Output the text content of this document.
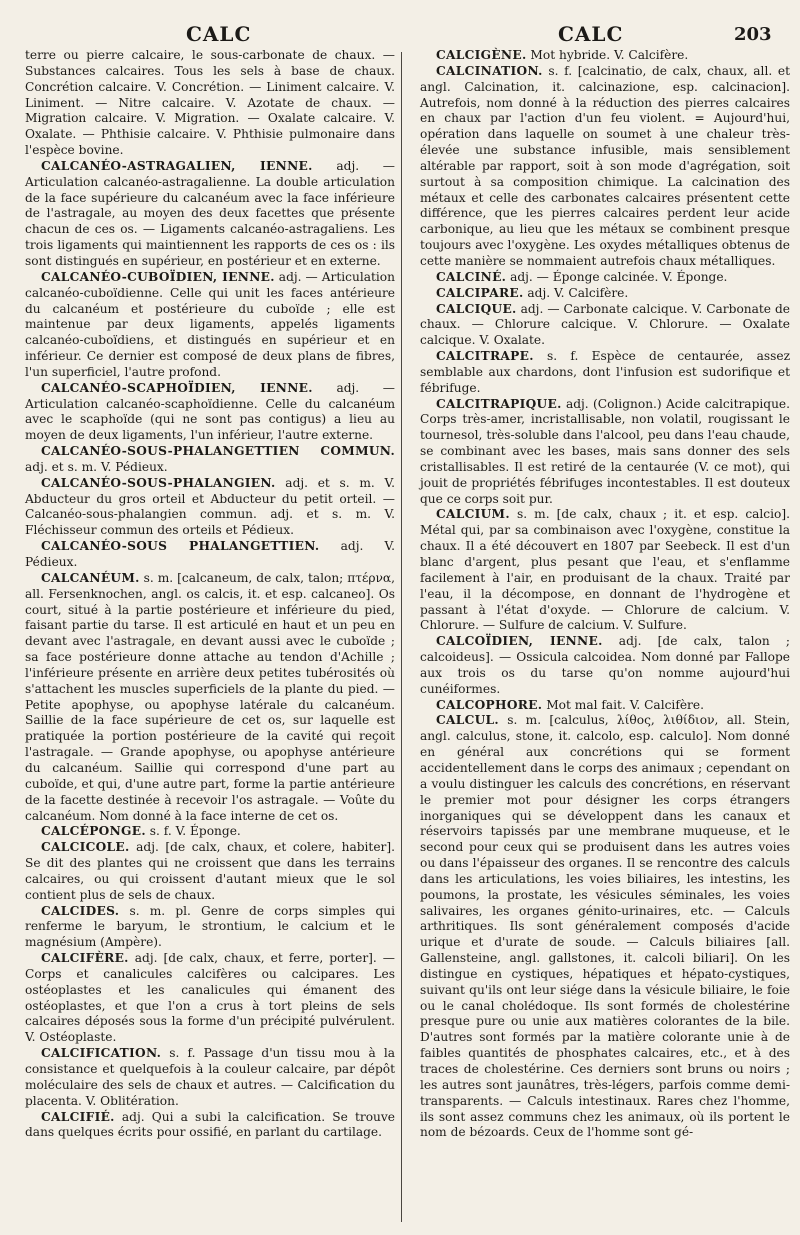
CALC	CALC	203

terre ou pierre calcaire, le sous-carbonate de chaux. — Substances calcaires. Tous les sels à base de chaux. Concrétion calcaire. V. Concrétion. — Liniment calcaire. V. Liniment. — Nitre calcaire. V. Azotate de chaux. — Migration calcaire. V. Migration. — Oxalate calcaire. V. Oxalate. — Phthisie calcaire. V. Phthisie pulmonaire dans l'espèce bovine.

CALCANÉO-ASTRAGALIEN, IENNE. adj. — Articulation calcanéo-astragalienne. La double articulation de la face supérieure du calcanéum avec la face inférieure de l'astragale, au moyen des deux facettes que présente chacun de ces os. — Ligaments calcanéo-astragaliens. Les trois ligaments qui maintiennent les rapports de ces os : ils sont distingués en supérieur, en postérieur et en externe.

CALCANÉO-CUBOÏDIEN, IENNE. adj. — Articulation calcanéo-cuboïdienne. Celle qui unit les faces antérieure du calcanéum et postérieure du cuboïde ; elle est maintenue par deux ligaments, appelés ligaments calcanéo-cuboïdiens, et distingués en supérieur et en inférieur. Ce dernier est composé de deux plans de fibres, l'un superficiel, l'autre profond.

CALCANÉO-SCAPHOÏDIEN, IENNE. adj. — Articulation calcanéo-scaphoïdienne. Celle du calcanéum avec le scaphoïde (qui ne sont pas contigus) a lieu au moyen de deux ligaments, l'un inférieur, l'autre externe.

CALCANÉO-SOUS-PHALANGETTIEN COMMUN. adj. et s. m. V. Pédieux.

CALCANÉO-SOUS-PHALANGIEN. adj. et s. m. V. Abducteur du gros orteil et Abducteur du petit orteil. — Calcanéo-sous-phalangien commun. adj. et s. m. V. Fléchisseur commun des orteils et Pédieux.

CALCANÉO-SOUS PHALANGETTIEN. adj. V. Pédieux.

CALCANÉUM. s. m. [calcaneum, de calx, talon; πτέρνα, all. Fersenknochen, angl. os calcis, it. et esp. calcaneo]. Os court, situé à la partie postérieure et inférieure du pied, faisant partie du tarse. Il est articulé en haut et un peu en devant avec l'astragale, en devant aussi avec le cuboïde ; sa face postérieure donne attache au tendon d'Achille ; l'inférieure présente en arrière deux petites tubérosités où s'attachent les muscles superficiels de la plante du pied. — Petite apophyse, ou apophyse latérale du calcanéum. Saillie de la face supérieure de cet os, sur laquelle est pratiquée la portion postérieure de la cavité qui reçoit l'astragale. — Grande apophyse, ou apophyse antérieure du calcanéum. Saillie qui correspond d'une part au cuboïde, et qui, d'une autre part, forme la partie antérieure de la facette destinée à recevoir l'os astragale. — Voûte du calcanéum. Nom donné à la face interne de cet os.

CALCÉPONGE. s. f. V. Éponge.

CALCICOLE. adj. [de calx, chaux, et colere, habiter]. Se dit des plantes qui ne croissent que dans les terrains calcaires, ou qui croissent d'autant mieux que le sol contient plus de sels de chaux.

CALCIDES. s. m. pl. Genre de corps simples qui renferme le baryum, le strontium, le calcium et le magnésium (Ampère).

CALCIFÈRE. adj. [de calx, chaux, et ferre, porter]. — Corps et canalicules calcifères ou calcipares. Les ostéoplastes et les canalicules qui émanent des ostéoplastes, et que l'on a crus à tort pleins de sels calcaires déposés sous la forme d'un précipité pulvérulent. V. Ostéoplaste.

CALCIFICATION. s. f. Passage d'un tissu mou à la consistance et quelquefois à la couleur calcaire, par dépôt moléculaire des sels de chaux et autres. — Calcification du placenta. V. Oblitération.

CALCIFIÉ. adj. Qui a subi la calcification. Se trouve dans quelques écrits pour ossifié, en parlant du cartilage.

CALCIGÈNE. Mot hybride. V. Calcifère.

CALCINATION. s. f. [calcinatio, de calx, chaux, all. et angl. Calcination, it. calcinazione, esp. calcinacion]. Autrefois, nom donné à la réduction des pierres calcaires en chaux par l'action d'un feu violent. = Aujourd'hui, opération dans laquelle on soumet à une chaleur très-élevée une substance infusible, mais sensiblement altérable par rapport, soit à son mode d'agrégation, soit surtout à sa composition chimique. La calcination des métaux et celle des carbonates calcaires présentent cette différence, que les pierres calcaires perdent leur acide carbonique, au lieu que les métaux se combinent presque toujours avec l'oxygène. Les oxydes métalliques obtenus de cette manière se nommaient autrefois chaux métalliques.

CALCINÉ. adj. — Éponge calcinée. V. Éponge.

CALCIPARE. adj. V. Calcifère.

CALCIQUE. adj. — Carbonate calcique. V. Carbonate de chaux. — Chlorure calcique. V. Chlorure. — Oxalate calcique. V. Oxalate.

CALCITRAPE. s. f. Espèce de centaurée, assez semblable aux chardons, dont l'infusion est sudorifique et fébrifuge.

CALCITRAPIQUE. adj. (Colignon.) Acide calcitrapique. Corps très-amer, incristallisable, non volatil, rougissant le tournesol, très-soluble dans l'alcool, peu dans l'eau chaude, se combinant avec les bases, mais sans donner des sels cristallisables. Il est retiré de la centaurée (V. ce mot), qui jouit de propriétés fébrifuges incontestables. Il est douteux que ce corps soit pur.

CALCIUM. s. m. [de calx, chaux ; it. et esp. calcio]. Métal qui, par sa combinaison avec l'oxygène, constitue la chaux. Il a été découvert en 1807 par Seebeck. Il est d'un blanc d'argent, plus pesant que l'eau, et s'enflamme facilement à l'air, en produisant de la chaux. Traité par l'eau, il la décompose, en donnant de l'hydrogène et passant à l'état d'oxyde. — Chlorure de calcium. V. Chlorure. — Sulfure de calcium. V. Sulfure.

CALCOÏDIEN, IENNE. adj. [de calx, talon ; calcoideus]. — Ossicula calcoidea. Nom donné par Fallope aux trois os du tarse qu'on nomme aujourd'hui cunéiformes.

CALCOPHORE. Mot mal fait. V. Calcifère.

CALCUL. s. m. [calculus, λίθος, λιθίδιον, all. Stein, angl. calculus, stone, it. calcolo, esp. calculo]. Nom donné en général aux concrétions qui se forment accidentellement dans le corps des animaux ; cependant on a voulu distinguer les calculs des concrétions, en réservant le premier mot pour désigner les corps étrangers inorganiques qui se développent dans les canaux et réservoirs tapissés par une membrane muqueuse, et le second pour ceux qui se produisent dans les autres voies ou dans l'épaisseur des organes. Il se rencontre des calculs dans les articulations, les voies biliaires, les intestins, les poumons, la prostate, les vésicules séminales, les voies salivaires, les organes génito-urinaires, etc. — Calculs arthritiques. Ils sont généralement composés d'acide urique et d'urate de soude. — Calculs biliaires [all. Gallensteine, angl. gallstones, it. calcoli biliari]. On les distingue en cystiques, hépatiques et hépato-cystiques, suivant qu'ils ont leur siége dans la vésicule biliaire, le foie ou le canal cholédoque. Ils sont formés de cholestérine presque pure ou unie aux matières colorantes de la bile. D'autres sont formés par la matière colorante unie à de faibles quantités de phosphates calcaires, etc., et à des traces de cholestérine. Ces derniers sont bruns ou noirs ; les autres sont jaunâtres, très-légers, parfois comme demi-transparents. — Calculs intestinaux. Rares chez l'homme, ils sont assez communs chez les animaux, où ils portent le nom de bézoards. Ceux de l'homme sont gé-
